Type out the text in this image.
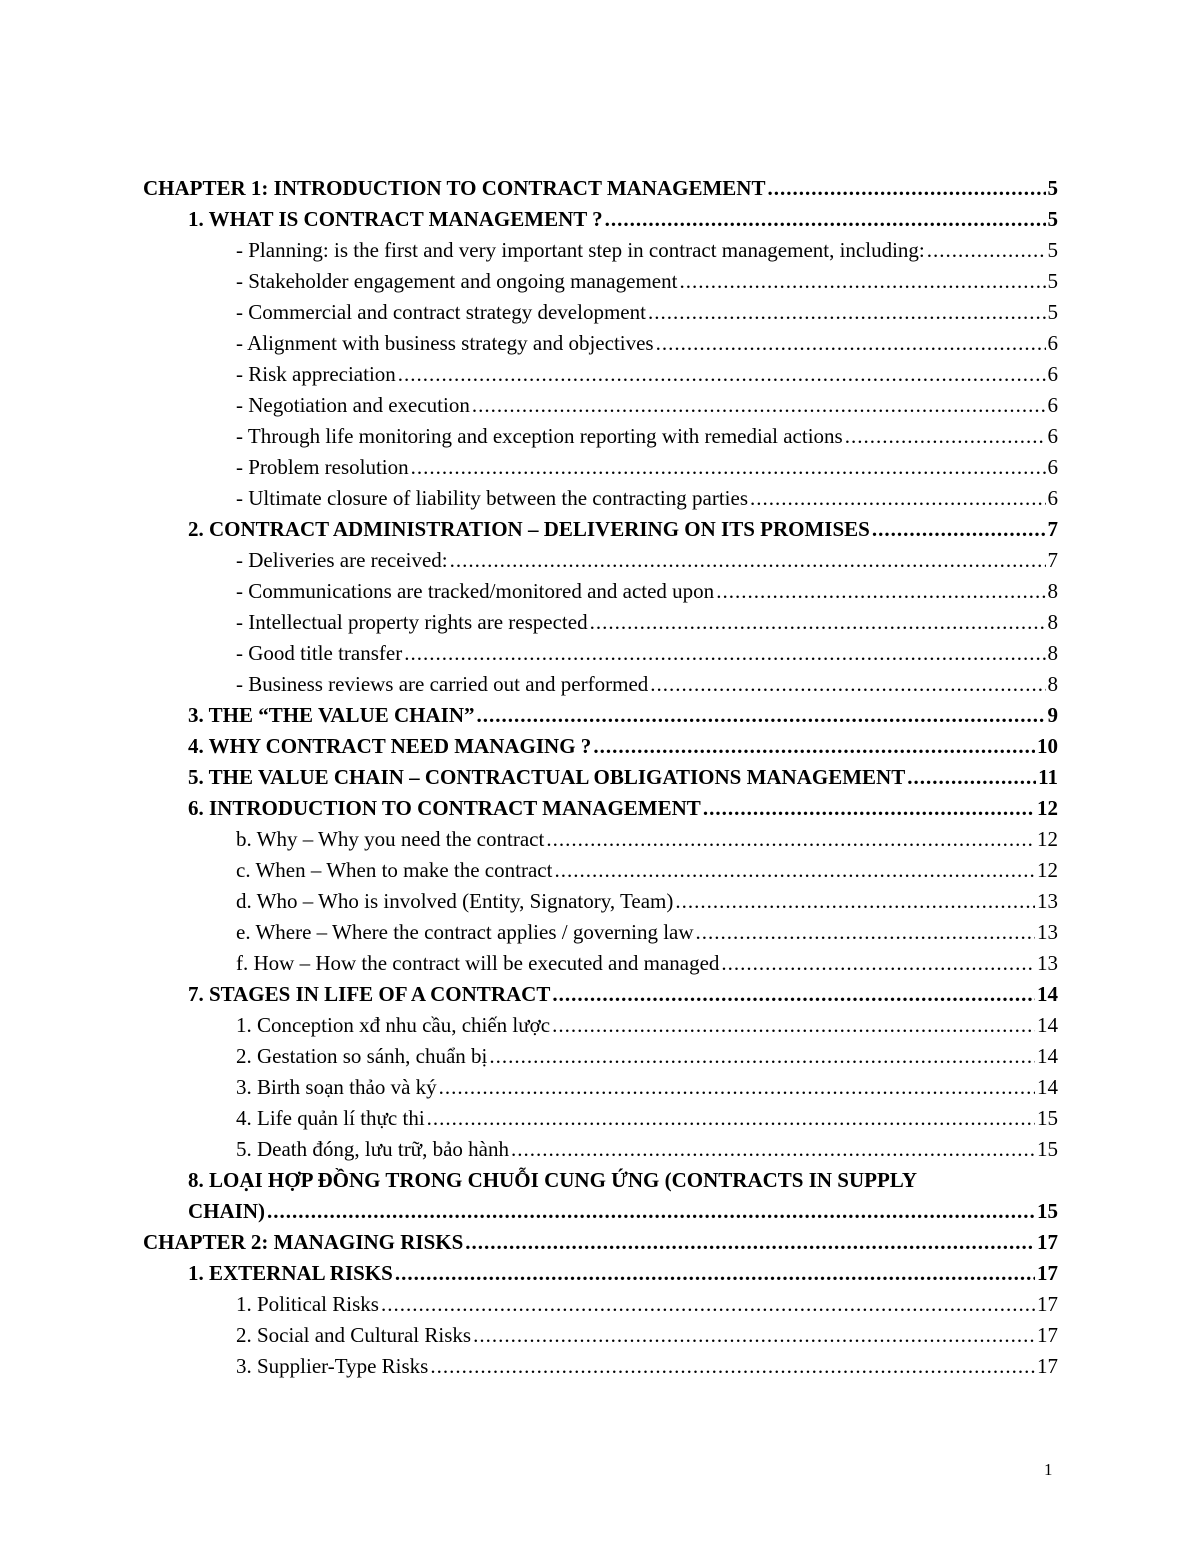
CHAPTER 1: INTRODUCTION TO CONTRACT MANAGEMENT .....	5
1. WHAT IS CONTRACT MANAGEMENT ? .....	5
- Planning: is the first and very important step in contract management, including: .....	5
- Stakeholder engagement and ongoing management .....	5
- Commercial and contract strategy development .....	5
- Alignment with business strategy and objectives .....	6
- Risk appreciation .....	6
- Negotiation and execution .....	6
- Through life monitoring and exception reporting with remedial actions .....	6
- Problem resolution .....	6
- Ultimate closure of liability between the contracting parties .....	6
2. CONTRACT ADMINISTRATION – DELIVERING ON ITS PROMISES .....	7
- Deliveries are received: .....	7
- Communications are tracked/monitored and acted upon .....	8
- Intellectual property rights are respected .....	8
- Good title transfer .....	8
- Business reviews are carried out and performed .....	8
3. THE “THE VALUE CHAIN” .....	9
4. WHY CONTRACT NEED MANAGING ? .....	10
5. THE VALUE CHAIN – CONTRACTUAL OBLIGATIONS MANAGEMENT .....	11
6. INTRODUCTION TO CONTRACT MANAGEMENT .....	12
b. Why – Why you need the contract .....	12
c. When – When to make the contract .....	12
d. Who – Who is involved (Entity, Signatory, Team) .....	13
e. Where – Where the contract applies / governing law .....	13
f. How – How the contract will be executed and managed .....	13
7. STAGES IN LIFE OF A CONTRACT .....	14
1. Conception xđ nhu cầu, chiến lược .....	14
2. Gestation so sánh, chuẩn bị .....	14
3. Birth soạn thảo và ký .....	14
4. Life quản lí thực thi .....	15
5. Death đóng, lưu trữ, bảo hành .....	15
8. LOẠI HỢP ĐỒNG TRONG CHUỖI CUNG ỨNG (CONTRACTS IN SUPPLY
CHAIN) .....	15
CHAPTER 2: MANAGING RISKS .....	17
1. EXTERNAL RISKS .....	17
1. Political Risks .....	17
2. Social and Cultural Risks .....	17
3. Supplier-Type Risks .....	17
1
